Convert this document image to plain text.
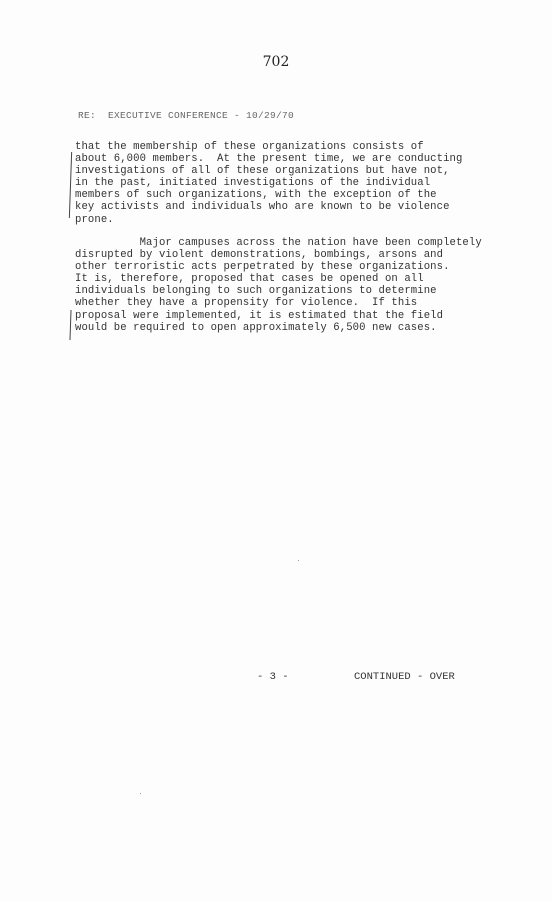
702
RE:  EXECUTIVE CONFERENCE - 10/29/70
that the membership of these organizations consists of
about 6,000 members.  At the present time, we are conducting
investigations of all of these organizations but have not,
in the past, initiated investigations of the individual
members of such organizations, with the exception of the
key activists and individuals who are known to be violence
prone.
Major campuses across the nation have been completely
disrupted by violent demonstrations, bombings, arsons and
other terroristic acts perpetrated by these organizations.
It is, therefore, proposed that cases be opened on all
individuals belonging to such organizations to determine
whether they have a propensity for violence.  If this
proposal were implemented, it is estimated that the field
would be required to open approximately 6,500 new cases.
- 3 -	CONTINUED - OVER
